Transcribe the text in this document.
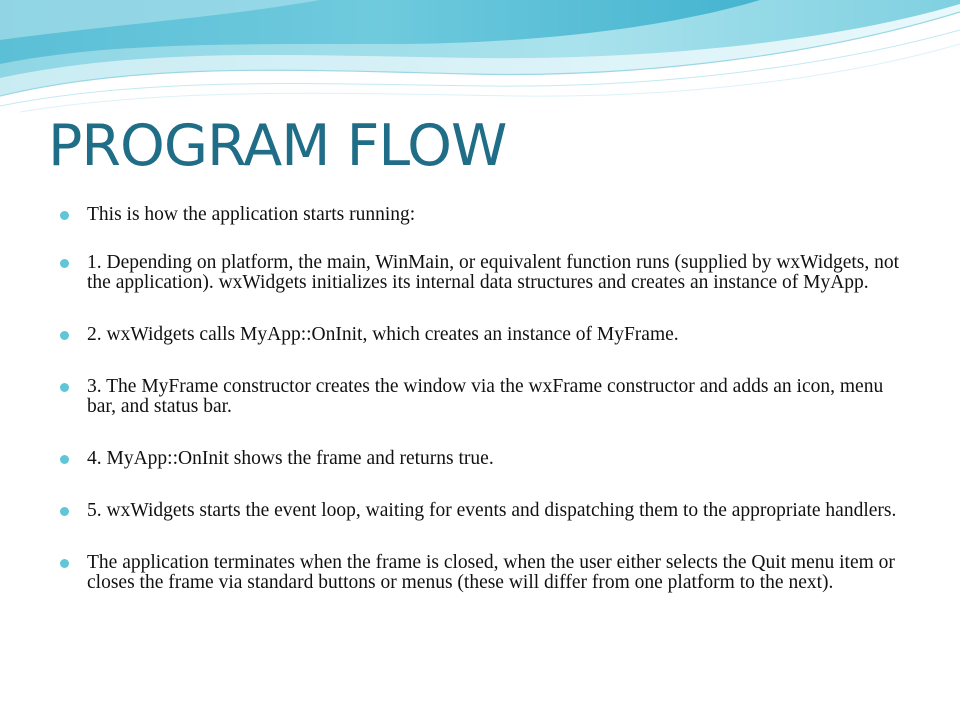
PROGRAM FLOW
This is how the application starts running:
1. Depending on platform, the main, WinMain, or equivalent function runs (supplied by wxWidgets, not the application). wxWidgets initializes its internal data structures and creates an instance of MyApp.
2. wxWidgets calls MyApp::OnInit, which creates an instance of MyFrame.
3. The MyFrame constructor creates the window via the wxFrame constructor and adds an icon, menu bar, and status bar.
4. MyApp::OnInit shows the frame and returns true.
5. wxWidgets starts the event loop, waiting for events and dispatching them to the appropriate handlers.
The application terminates when the frame is closed, when the user either selects the Quit menu item or closes the frame via standard buttons or menus (these will differ from one platform to the next).
